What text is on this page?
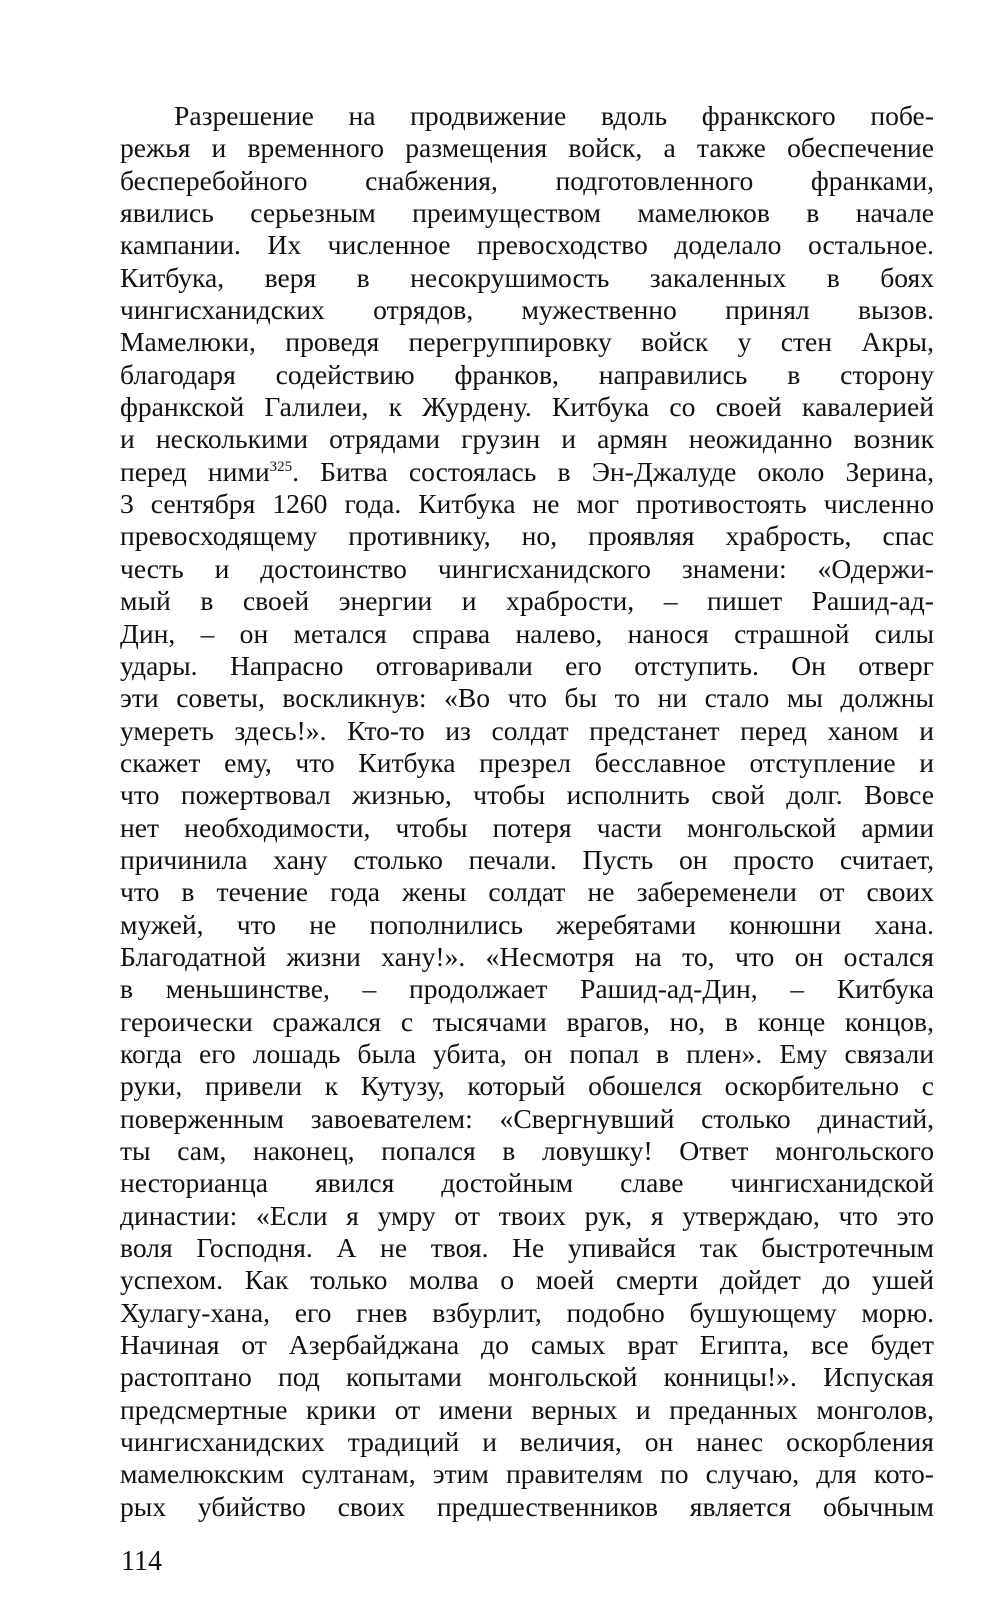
Разрешение на продвижение вдоль франкского побе-
режья и временного размещения войск, а также обеспечение
бесперебойного снабжения, подготовленного франками,
явились серьезным преимуществом мамелюков в начале
кампании. Их численное превосходство доделало остальное.
Китбука, веря в несокрушимость закаленных в боях
чингисханидских отрядов, мужественно принял вызов.
Мамелюки, проведя перегруппировку войск у стен Акры,
благодаря содействию франков, направились в сторону
франкской Галилеи, к Журдену. Китбука со своей кавалерией
и несколькими отрядами грузин и армян неожиданно возник
перед ними$^{325}$. Битва состоялась в Эн-Джалуде около Зерина,
3 сентября 1260 года. Китбука не мог противостоять численно
превосходящему противнику, но, проявляя храбрость, спас
честь и достоинство чингисханидского знамени: «Одержи-
мый в своей энергии и храбрости, – пишет Рашид-ад-
Дин, – он метался справа налево, нанося страшной силы
удары. Напрасно отговаривали его отступить. Он отверг
эти советы, воскликнув: «Во что бы то ни стало мы должны
умереть здесь!». Кто-то из солдат предстанет перед ханом и
скажет ему, что Китбука презрел бесславное отступление и
что пожертвовал жизнью, чтобы исполнить свой долг. Вовсе
нет необходимости, чтобы потеря части монгольской армии
причинила хану столько печали. Пусть он просто считает,
что в течение года жены солдат не забеременели от своих
мужей, что не пополнились жеребятами конюшни хана.
Благодатной жизни хану!». «Несмотря на то, что он остался
в меньшинстве, – продолжает Рашид-ад-Дин, – Китбука
героически сражался с тысячами врагов, но, в конце концов,
когда его лошадь была убита, он попал в плен». Ему связали
руки, привели к Кутузу, который обошелся оскорбительно с
поверженным завоевателем: «Свергнувший столько династий,
ты сам, наконец, попался в ловушку! Ответ монгольского
несторианца явился достойным славе чингисханидской
династии: «Если я умру от твоих рук, я утверждаю, что это
воля Господня. А не твоя. Не упивайся так быстротечным
успехом. Как только молва о моей смерти дойдет до ушей
Хулагу-хана, его гнев взбурлит, подобно бушующему морю.
Начиная от Азербайджана до самых врат Египта, все будет
растоптано под копытами монгольской конницы!». Испуская
предсмертные крики от имени верных и преданных монголов,
чингисханидских традиций и величия, он нанес оскорбления
мамелюкским султанам, этим правителям по случаю, для кото-
рых убийство своих предшественников является обычным
114
